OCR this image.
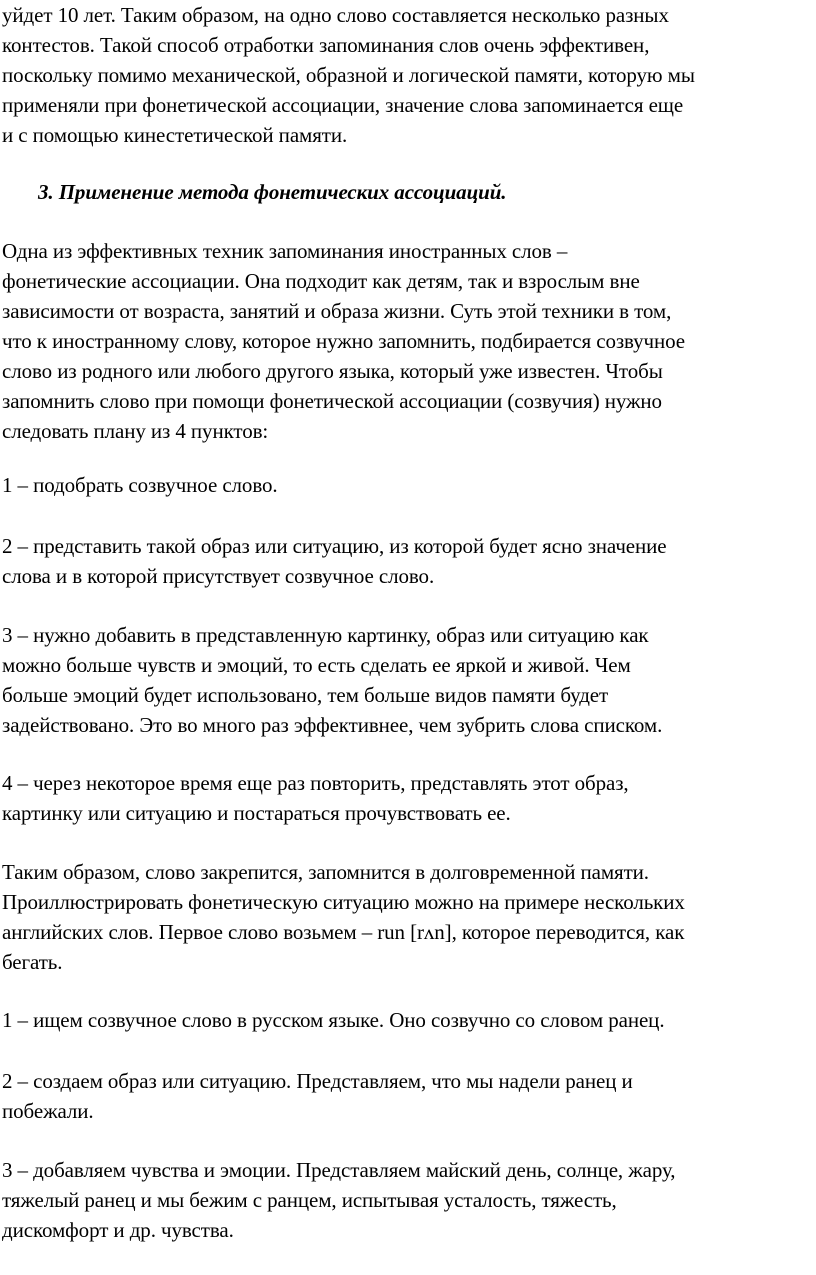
уйдет 10 лет. Таким образом, на одно слово составляется несколько разных
контестов. Такой способ отработки запоминания слов очень эффективен,
поскольку помимо механической, образной и логической памяти, которую мы
применяли при фонетической ассоциации, значение слова запоминается еще
и с помощью кинестетической памяти.

3. Применение метода фонетических ассоциаций.

Одна из эффективных техник запоминания иностранных слов –
фонетические ассоциации. Она подходит как детям, так и взрослым вне
зависимости от возраста, занятий и образа жизни. Суть этой техники в том,
что к иностранному слову, которое нужно запомнить, подбирается созвучное
слово из родного или любого другого языка, который уже известен. Чтобы
запомнить слово при помощи фонетической ассоциации (созвучия) нужно
следовать плану из 4 пунктов:

1 – подобрать созвучное слово.

2 – представить такой образ или ситуацию, из которой будет ясно значение
слова и в которой присутствует созвучное слово.

3 – нужно добавить в представленную картинку, образ или ситуацию как
можно больше чувств и эмоций, то есть сделать ее яркой и живой. Чем
больше эмоций будет использовано, тем больше видов памяти будет
задействовано. Это во много раз эффективнее, чем зубрить слова списком.

4 – через некоторое время еще раз повторить, представлять этот образ,
картинку или ситуацию и постараться прочувствовать ее.

Таким образом, слово закрепится, запомнится в долговременной памяти.
Проиллюстрировать фонетическую ситуацию можно на примере нескольких
английских слов. Первое слово возьмем – run [rʌn], которое переводится, как
бегать.

1 – ищем созвучное слово в русском языке. Оно созвучно со словом ранец.

2 – создаем образ или ситуацию. Представляем, что мы надели ранец и
побежали.

3 – добавляем чувства и эмоции. Представляем майский день, солнце, жару,
тяжелый ранец и мы бежим с ранцем, испытывая усталость, тяжесть,
дискомфорт и др. чувства.
